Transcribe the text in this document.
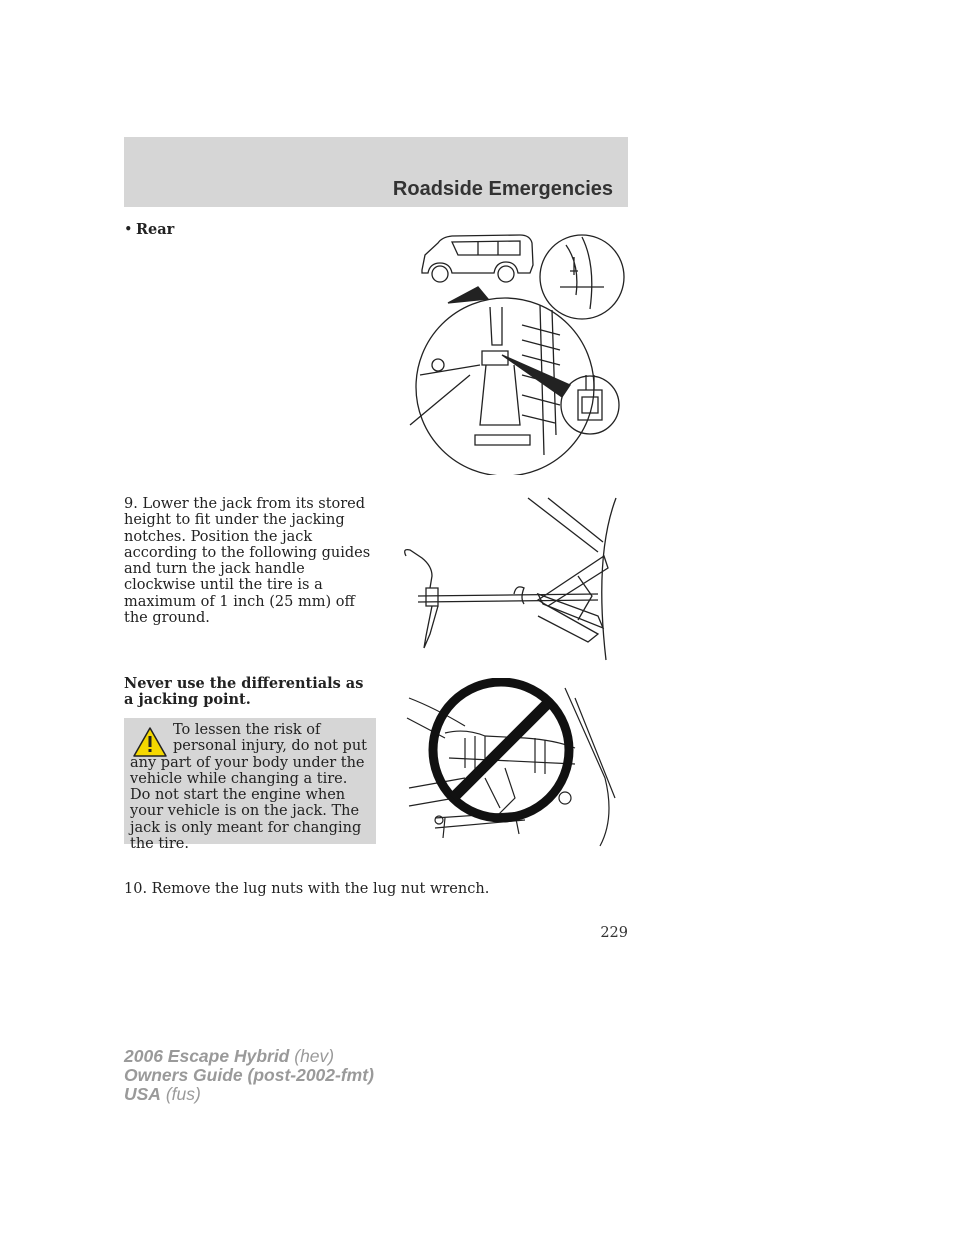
Roadside Emergencies
• Rear
9. Lower the jack from its stored height to fit under the jacking notches. Position the jack according to the following guides and turn the jack handle clockwise until the tire is a maximum of 1 inch (25 mm) off the ground.
Never use the differentials as a jacking point.
To lessen the risk of personal injury, do not put any part of your body under the vehicle while changing a tire. Do not start the engine when your vehicle is on the jack. The jack is only meant for changing the tire.
10. Remove the lug nuts with the lug nut wrench.
229
2006 Escape Hybrid (hev)
Owners Guide (post-2002-fmt)
USA (fus)
